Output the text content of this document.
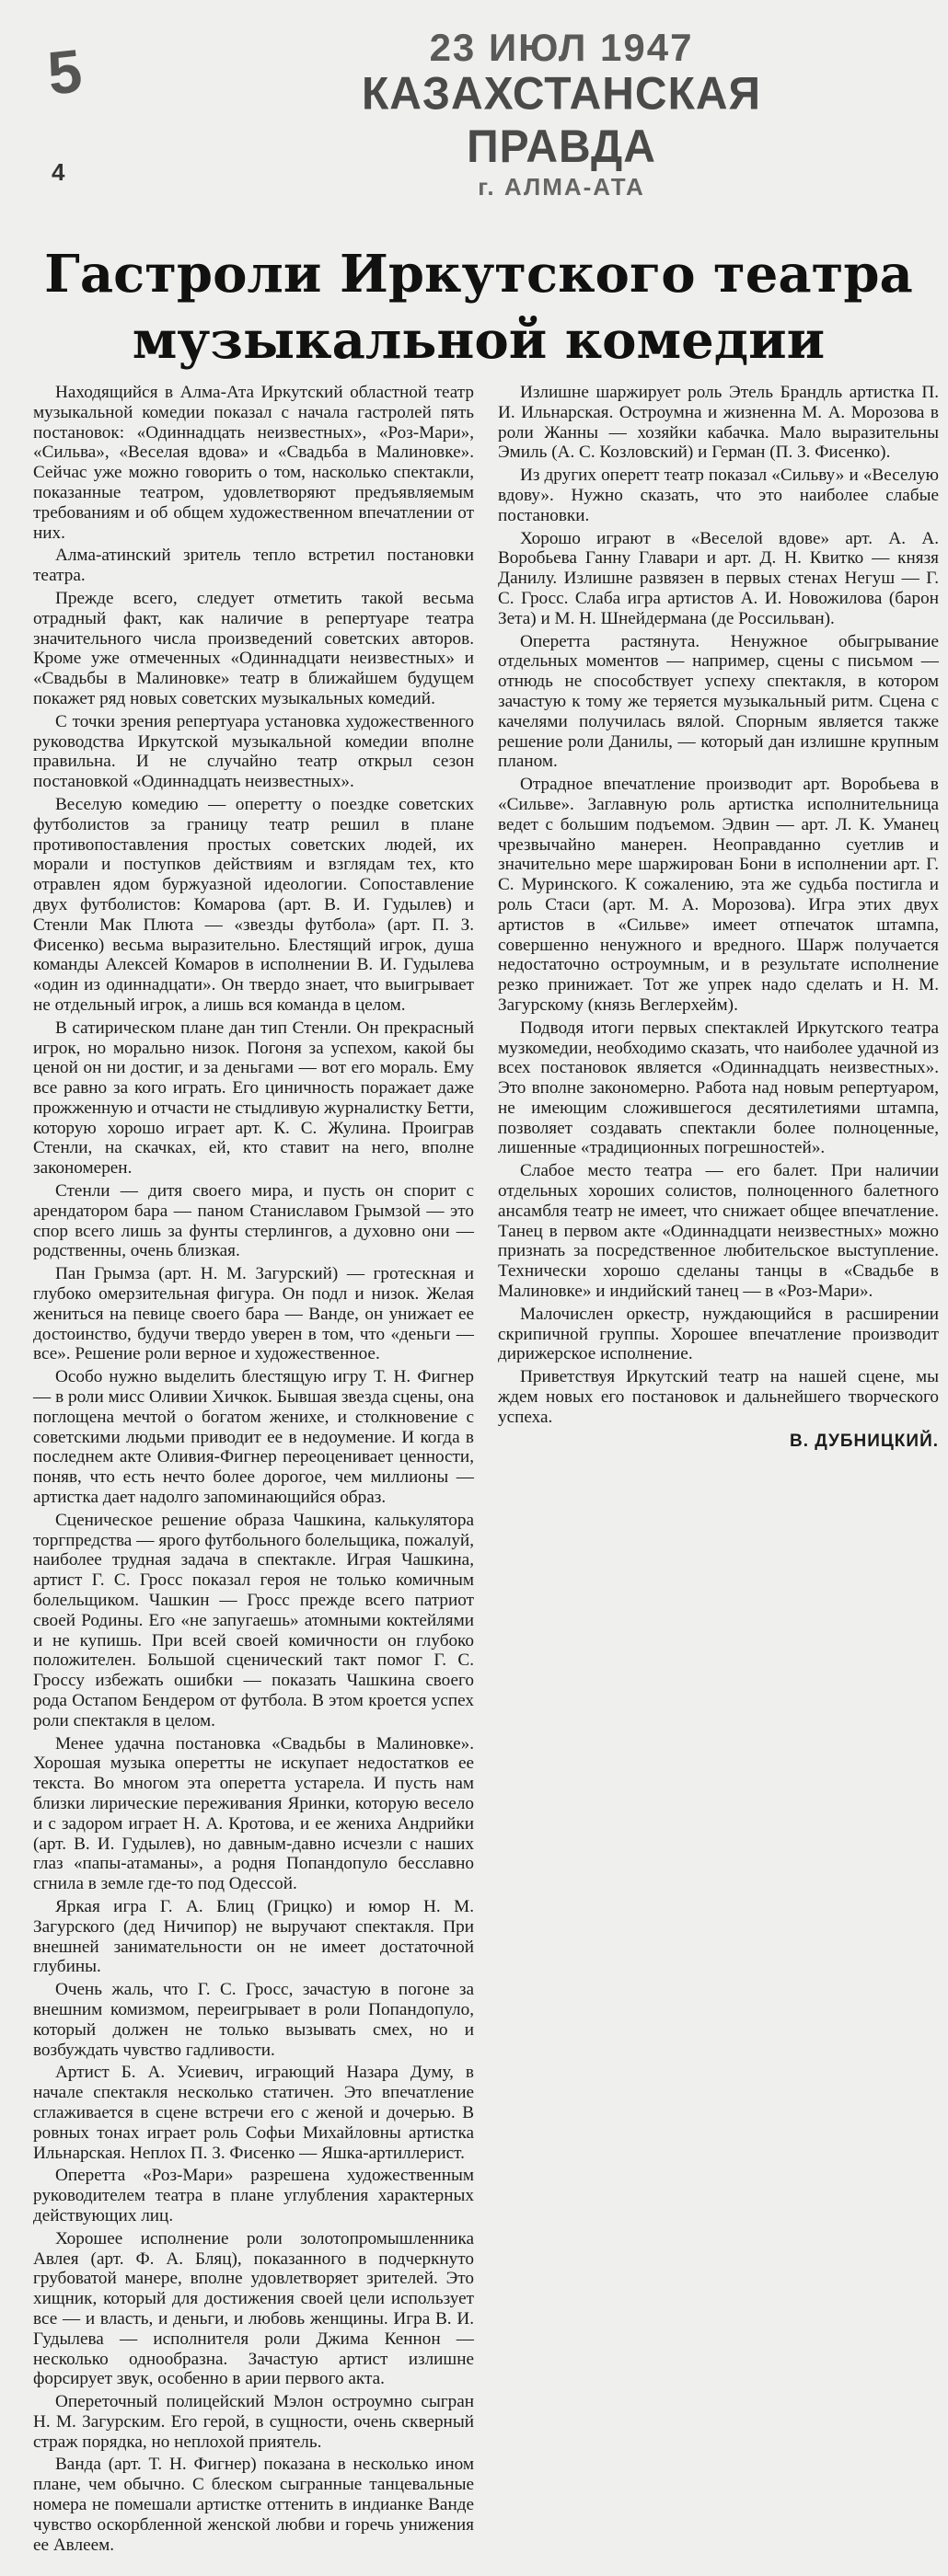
5
4
23 ИЮЛ 1947
КАЗАХСТАНСКАЯ ПРАВДА
г. АЛМА-АТА
Гастроли Иркутского театра
музыкальной комедии

Находящийся в Алма-Ата Иркутский областной театр музыкальной комедии показал с начала гастролей пять постановок: «Одиннадцать неизвестных», «Роз-Мари», «Сильва», «Веселая вдова» и «Свадьба в Малиновке». Сейчас уже можно говорить о том, насколько спектакли, показанные театром, удовлетворяют предъявляемым требованиям и об общем художественном впечатлении от них.

Алма-атинский зритель тепло встретил постановки театра.

Прежде всего, следует отметить такой весьма отрадный факт, как наличие в репертуаре театра значительного числа произведений советских авторов. Кроме уже отмеченных «Одиннадцати неизвестных» и «Свадьбы в Малиновке» театр в ближайшем будущем покажет ряд новых советских музыкальных комедий.

С точки зрения репертуара установка художественного руководства Иркутской музыкальной комедии вполне правильна. И не случайно театр открыл сезон постановкой «Одиннадцать неизвестных».

Веселую комедию — оперетту о поездке советских футболистов за границу театр решил в плане противопоставления простых советских людей, их морали и поступков действиям и взглядам тех, кто отравлен ядом буржуазной идеологии. Сопоставление двух футболистов: Комарова (арт. В. И. Гудылев) и Стенли Мак Плюта — «звезды футбола» (арт. П. З. Фисенко) весьма выразительно. Блестящий игрок, душа команды Алексей Комаров в исполнении В. И. Гудылева «один из одиннадцати». Он твердо знает, что выигрывает не отдельный игрок, а лишь вся команда в целом.

В сатирическом плане дан тип Стенли. Он прекрасный игрок, но морально низок. Погоня за успехом, какой бы ценой он ни достиг, и за деньгами — вот его мораль. Ему все равно за кого играть. Его циничность поражает даже прожженную и отчасти не стыдливую журналистку Бетти, которую хорошо играет арт. К. С. Жулина. Проиграв Стенли, на скачках, ей, кто ставит на него, вполне закономерен.

Стенли — дитя своего мира, и пусть он спорит с арендатором бара — паном Станиславом Грымзой — это спор всего лишь за фунты стерлингов, а духовно они — родственны, очень близкая.

Пан Грымза (арт. Н. М. Загурский) — гротескная и глубоко омерзительная фигура. Он подл и низок. Желая жениться на певице своего бара — Ванде, он унижает ее достоинство, будучи твердо уверен в том, что «деньги — все». Решение роли верное и художественное.

Особо нужно выделить блестящую игру Т. Н. Фигнер — в роли мисс Оливии Хичкок. Бывшая звезда сцены, она поглощена мечтой о богатом женихе, и столкновение с советскими людьми приводит ее в недоумение. И когда в последнем акте Оливия-Фигнер переоценивает ценности, поняв, что есть нечто более дорогое, чем миллионы — артистка дает надолго запоминающийся образ.

Сценическое решение образа Чашкина, калькулятора торгпредства — ярого футбольного болельщика, пожалуй, наиболее трудная задача в спектакле. Играя Чашкина, артист Г. С. Гросс показал героя не только комичным болельщиком. Чашкин — Гросс прежде всего патриот своей Родины. Его «не запугаешь» атомными коктейлями и не купишь. При всей своей комичности он глубоко положителен. Большой сценический такт помог Г. С. Гроссу избежать ошибки — показать Чашкина своего рода Остапом Бендером от футбола. В этом кроется успех роли спектакля в целом.

Менее удачна постановка «Свадьбы в Малиновке». Хорошая музыка оперетты не искупает недостатков ее текста. Во многом эта оперетта устарела. И пусть нам близки лирические переживания Яринки, которую весело и с задором играет Н. А. Кротова, и ее жениха Андрийки (арт. В. И. Гудылев), но давным-давно исчезли с наших глаз «папы-атаманы», а родня Попандопуло бесславно сгнила в земле где-то под Одессой.

Яркая игра Г. А. Блиц (Грицко) и юмор Н. М. Загурского (дед Ничипор) не выручают спектакля. При внешней занимательности он не имеет достаточной глубины.

Очень жаль, что Г. С. Гросс, зачастую в погоне за внешним комизмом, переигрывает в роли Попандопуло, который должен не только вызывать смех, но и возбуждать чувство гадливости.

Артист Б. А. Усиевич, играющий Назара Думу, в начале спектакля несколько статичен. Это впечатление сглаживается в сцене встречи его с женой и дочерью. В ровных тонах играет роль Софьи Михайловны артистка Ильнарская. Неплох П. З. Фисенко — Яшка-артиллерист.

Оперетта «Роз-Мари» разрешена художественным руководителем театра в плане углубления характерных действующих лиц.

Хорошее исполнение роли золотопромышленника Авлея (арт. Ф. А. Бляц), показанного в подчеркнуто грубоватой манере, вполне удовлетворяет зрителей. Это хищник, который для достижения своей цели использует все — и власть, и деньги, и любовь женщины. Игра В. И. Гудылева — исполнителя роли Джима Кеннон — несколько однообразна. Зачастую артист излишне форсирует звук, особенно в арии первого акта.

Опереточный полицейский Мэлон остроумно сыгран Н. М. Загурским. Его герой, в сущности, очень скверный страж порядка, но неплохой приятель.

Ванда (арт. Т. Н. Фигнер) показана в несколько ином плане, чем обычно. С блеском сыгранные танцевальные номера не помешали артистке оттенить в индианке Ванде чувство оскорбленной женской любви и горечь унижения ее Авлеем.

Излишне шаржирует роль Этель Брандль артистка П. И. Ильнарская. Остроумна и жизненна М. А. Морозова в роли Жанны — хозяйки кабачка. Мало выразительны Эмиль (А. С. Козловский) и Герман (П. З. Фисенко).

Из других оперетт театр показал «Сильву» и «Веселую вдову». Нужно сказать, что это наиболее слабые постановки.

Хорошо играют в «Веселой вдове» арт. А. А. Воробьева Ганну Главари и арт. Д. Н. Квитко — князя Данилу. Излишне развязен в первых стенах Негуш — Г. С. Гросс. Слаба игра артистов А. И. Новожилова (барон Зета) и М. Н. Шнейдермана (де Россильван).

Оперетта растянута. Ненужное обыгрывание отдельных моментов — например, сцены с письмом — отнюдь не способствует успеху спектакля, в котором зачастую к тому же теряется музыкальный ритм. Сцена с качелями получилась вялой. Спорным является также решение роли Данилы, — который дан излишне крупным планом.

Отрадное впечатление производит арт. Воробьева в «Сильве». Заглавную роль артистка исполнительница ведет с большим подъемом. Эдвин — арт. Л. К. Уманец чрезвычайно манерен. Неоправданно суетлив и значительно мере шаржирован Бони в исполнении арт. Г. С. Муринского. К сожалению, эта же судьба постигла и роль Стаси (арт. М. А. Морозова). Игра этих двух артистов в «Сильве» имеет отпечаток штампа, совершенно ненужного и вредного. Шарж получается недостаточно остроумным, и в результате исполнение резко принижает. Тот же упрек надо сделать и Н. М. Загурскому (князь Веглерхейм).

Подводя итоги первых спектаклей Иркутского театра музкомедии, необходимо сказать, что наиболее удачной из всех постановок является «Одиннадцать неизвестных». Это вполне закономерно. Работа над новым репертуаром, не имеющим сложившегося десятилетиями штампа, позволяет создавать спектакли более полноценные, лишенные «традиционных погрешностей».

Слабое место театра — его балет. При наличии отдельных хороших солистов, полноценного балетного ансамбля театр не имеет, что снижает общее впечатление. Танец в первом акте «Одиннадцати неизвестных» можно признать за посредственное любительское выступление. Технически хорошо сделаны танцы в «Свадьбе в Малиновке» и индийский танец — в «Роз-Мари».

Малочислен оркестр, нуждающийся в расширении скрипичной группы. Хорошее впечатление производит дирижерское исполнение.

Приветствуя Иркутский театр на нашей сцене, мы ждем новых его постановок и дальнейшего творческого успеха.

В. ДУБНИЦКИЙ.
